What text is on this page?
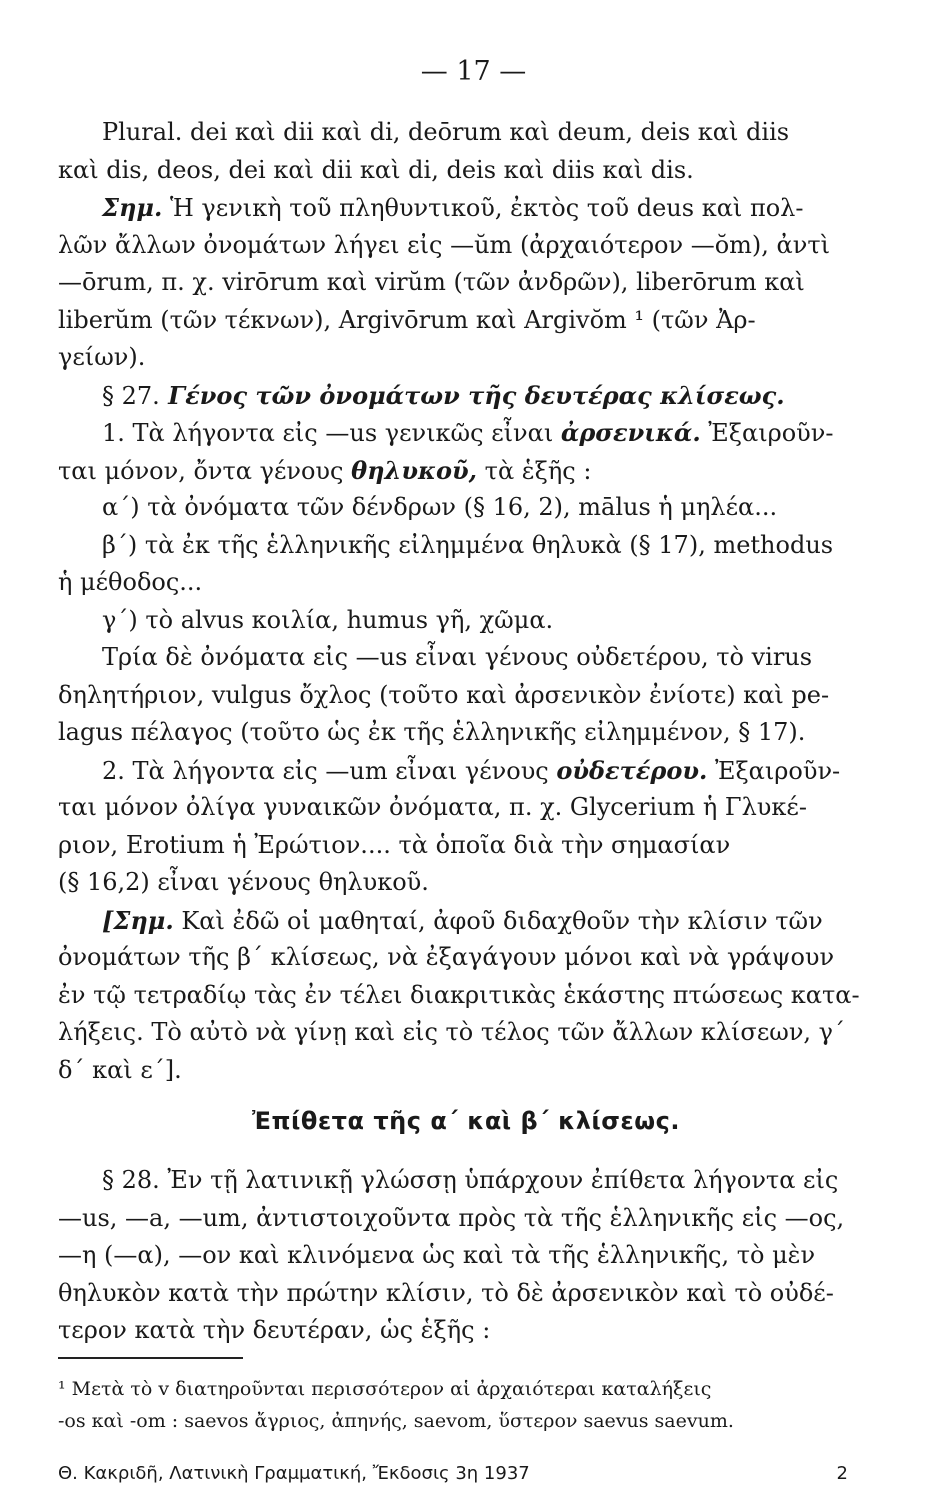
— 17 —
Plural. dei καὶ dii καὶ di, deōrum καὶ deum, deis καὶ diis
καὶ dis, deos, dei καὶ dii καὶ di, deis καὶ diis καὶ dis.
Σημ. Ἡ γενικὴ τοῦ πληθυντικοῦ, ἐκτὸς τοῦ deus καὶ πολ-
λῶν ἄλλων ὀνομάτων λήγει εἰς —ŭm (ἀρχαιότερον —ŏm), ἀντὶ
—ōrum, π. χ. virōrum καὶ virŭm (τῶν ἀνδρῶν), liberōrum καὶ
liberŭm (τῶν τέκνων), Argivōrum καὶ Argivŏm ¹ (τῶν Ἀρ-
γείων).
§ 27. Γένος τῶν ὀνομάτων τῆς δευτέρας κλίσεως.
1. Τὰ λήγοντα εἰς —us γενικῶς εἶναι ἀρσενικά. Ἐξαιροῦν-
ται μόνον, ὄντα γένους θηλυκοῦ, τὰ ἑξῆς :
α΄) τὰ ὀνόματα τῶν δένδρων (§ 16, 2), mālus ἡ μηλέα...
β΄) τὰ ἐκ τῆς ἑλληνικῆς εἰλημμένα θηλυκὰ (§ 17), methodus
ἡ μέθοδος...
γ΄) τὸ alvus κοιλία, humus γῆ, χῶμα.
Τρία δὲ ὀνόματα εἰς —us εἶναι γένους οὐδετέρου, τὸ virus
δηλητήριον, vulgus ὄχλος (τοῦτο καὶ ἀρσενικὸν ἐνίοτε) καὶ pe-
lagus πέλαγος (τοῦτο ὡς ἐκ τῆς ἑλληνικῆς εἰλημμένον, § 17).
2. Τὰ λήγοντα εἰς —um εἶναι γένους οὐδετέρου. Ἐξαιροῦν-
ται μόνον ὀλίγα γυναικῶν ὀνόματα, π. χ. Glycerium ἡ Γλυκέ-
ριον, Erotium ἡ Ἐρώτιον.... τὰ ὁποῖα διὰ τὴν σημασίαν
(§ 16,2) εἶναι γένους θηλυκοῦ.
[Σημ. Καὶ ἐδῶ οἱ μαθηταί, ἀφοῦ διδαχθοῦν τὴν κλίσιν τῶν
ὀνομάτων τῆς β΄ κλίσεως, νὰ ἐξαγάγουν μόνοι καὶ νὰ γράψουν
ἐν τῷ τετραδίῳ τὰς ἐν τέλει διακριτικὰς ἑκάστης πτώσεως κατα-
λήξεις. Τὸ αὐτὸ νὰ γίνῃ καὶ εἰς τὸ τέλος τῶν ἄλλων κλίσεων, γ΄
δ΄ καὶ ε΄].
Ἐπίθετα τῆς α΄ καὶ β΄ κλίσεως.
§ 28. Ἐν τῇ λατινικῇ γλώσσῃ ὑπάρχουν ἐπίθετα λήγοντα εἰς
—us, —a, —um, ἀντιστοιχοῦντα πρὸς τὰ τῆς ἑλληνικῆς εἰς —ος,
—η (—α), —ον καὶ κλινόμενα ὡς καὶ τὰ τῆς ἑλληνικῆς, τὸ μὲν
θηλυκὸν κατὰ τὴν πρώτην κλίσιν, τὸ δὲ ἀρσενικὸν καὶ τὸ οὐδέ-
τερον κατὰ τὴν δευτέραν, ὡς ἑξῆς :
¹ Μετὰ τὸ v διατηροῦνται περισσότερον αἱ ἀρχαιότεραι καταλήξεις
-os καὶ -om : saevos ἄγριος, ἀπηνής, saevom, ὕστερον saevus saevum.
Θ. Κακριδῆ, Λατινικὴ Γραμματική, Ἔκδοσις 3η 1937	2
